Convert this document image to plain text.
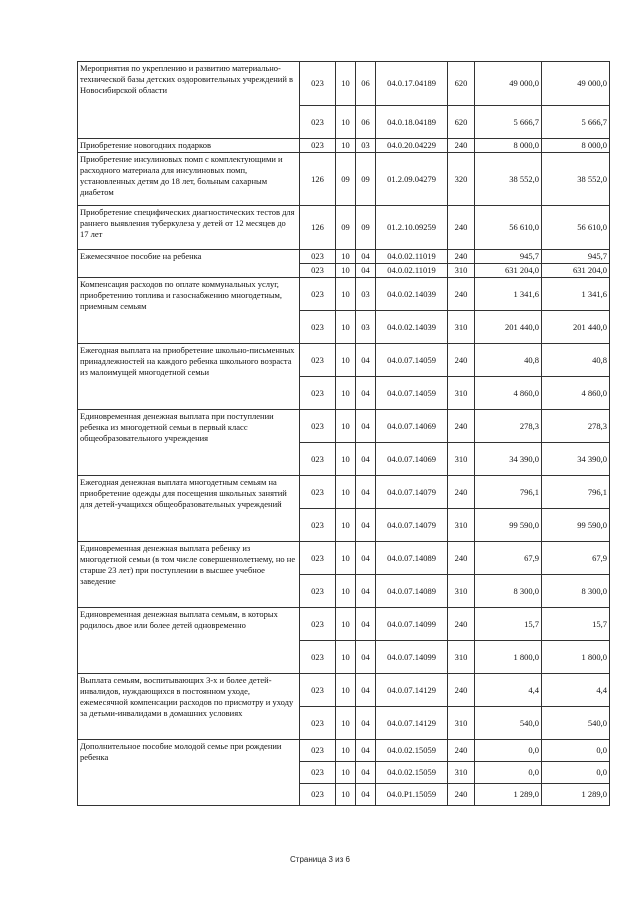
Мероприятия по укреплению и развитию материально-технической базы детских оздоровительных учреждений в Новосибирской области	023	10	06	04.0.17.04189	620	49 000,0	49 000,0
	023	10	06	04.0.18.04189	620	5 666,7	5 666,7
Приобретение новогодних подарков	023	10	03	04.0.20.04229	240	8 000,0	8 000,0
Приобретение инсулиновых помп с комплектующими и расходного материала для инсулиновых помп, установленных детям до 18 лет, больным сахарным диабетом	126	09	09	01.2.09.04279	320	38 552,0	38 552,0
Приобретение специфических диагностических тестов для раннего выявления туберкулеза у детей от 12 месяцев до 17 лет	126	09	09	01.2.10.09259	240	56 610,0	56 610,0
Ежемесячное пособие на ребенка	023	10	04	04.0.02.11019	240	945,7	945,7
	023	10	04	04.0.02.11019	310	631 204,0	631 204,0
Компенсация расходов по оплате коммунальных услуг, приобретению топлива и газоснабжению многодетным, приемным семьям	023	10	03	04.0.02.14039	240	1 341,6	1 341,6
	023	10	03	04.0.02.14039	310	201 440,0	201 440,0
Ежегодная выплата на приобретение школьно-письменных принадлежностей на каждого ребенка школьного возраста из малоимущей многодетной семьи	023	10	04	04.0.07.14059	240	40,8	40,8
	023	10	04	04.0.07.14059	310	4 860,0	4 860,0
Единовременная денежная выплата при поступлении ребенка из многодетной семьи в первый класс общеобразовательного учреждения	023	10	04	04.0.07.14069	240	278,3	278,3
	023	10	04	04.0.07.14069	310	34 390,0	34 390,0
Ежегодная денежная выплата многодетным семьям на приобретение одежды для посещения школьных занятий для детей-учащихся общеобразовательных учреждений	023	10	04	04.0.07.14079	240	796,1	796,1
	023	10	04	04.0.07.14079	310	99 590,0	99 590,0
Единовременная денежная выплата ребенку из многодетной семьи (в том числе совершеннолетнему, но не старше 23 лет) при поступлении в высшее учебное заведение	023	10	04	04.0.07.14089	240	67,9	67,9
	023	10	04	04.0.07.14089	310	8 300,0	8 300,0
Единовременная денежная выплата семьям, в которых родилось двое или более детей одновременно	023	10	04	04.0.07.14099	240	15,7	15,7
	023	10	04	04.0.07.14099	310	1 800,0	1 800,0
Выплата семьям, воспитывающих 3-х и более детей-инвалидов, нуждающихся в постоянном уходе, ежемесячной компенсации расходов по присмотру и уходу за детьми-инвалидами в домашних условиях	023	10	04	04.0.07.14129	240	4,4	4,4
	023	10	04	04.0.07.14129	310	540,0	540,0
Дополнительное пособие молодой семье при рождении ребенка	023	10	04	04.0.02.15059	240	0,0	0,0
	023	10	04	04.0.02.15059	310	0,0	0,0
	023	10	04	04.0.P1.15059	240	1 289,0	1 289,0
Страница 3 из 6
